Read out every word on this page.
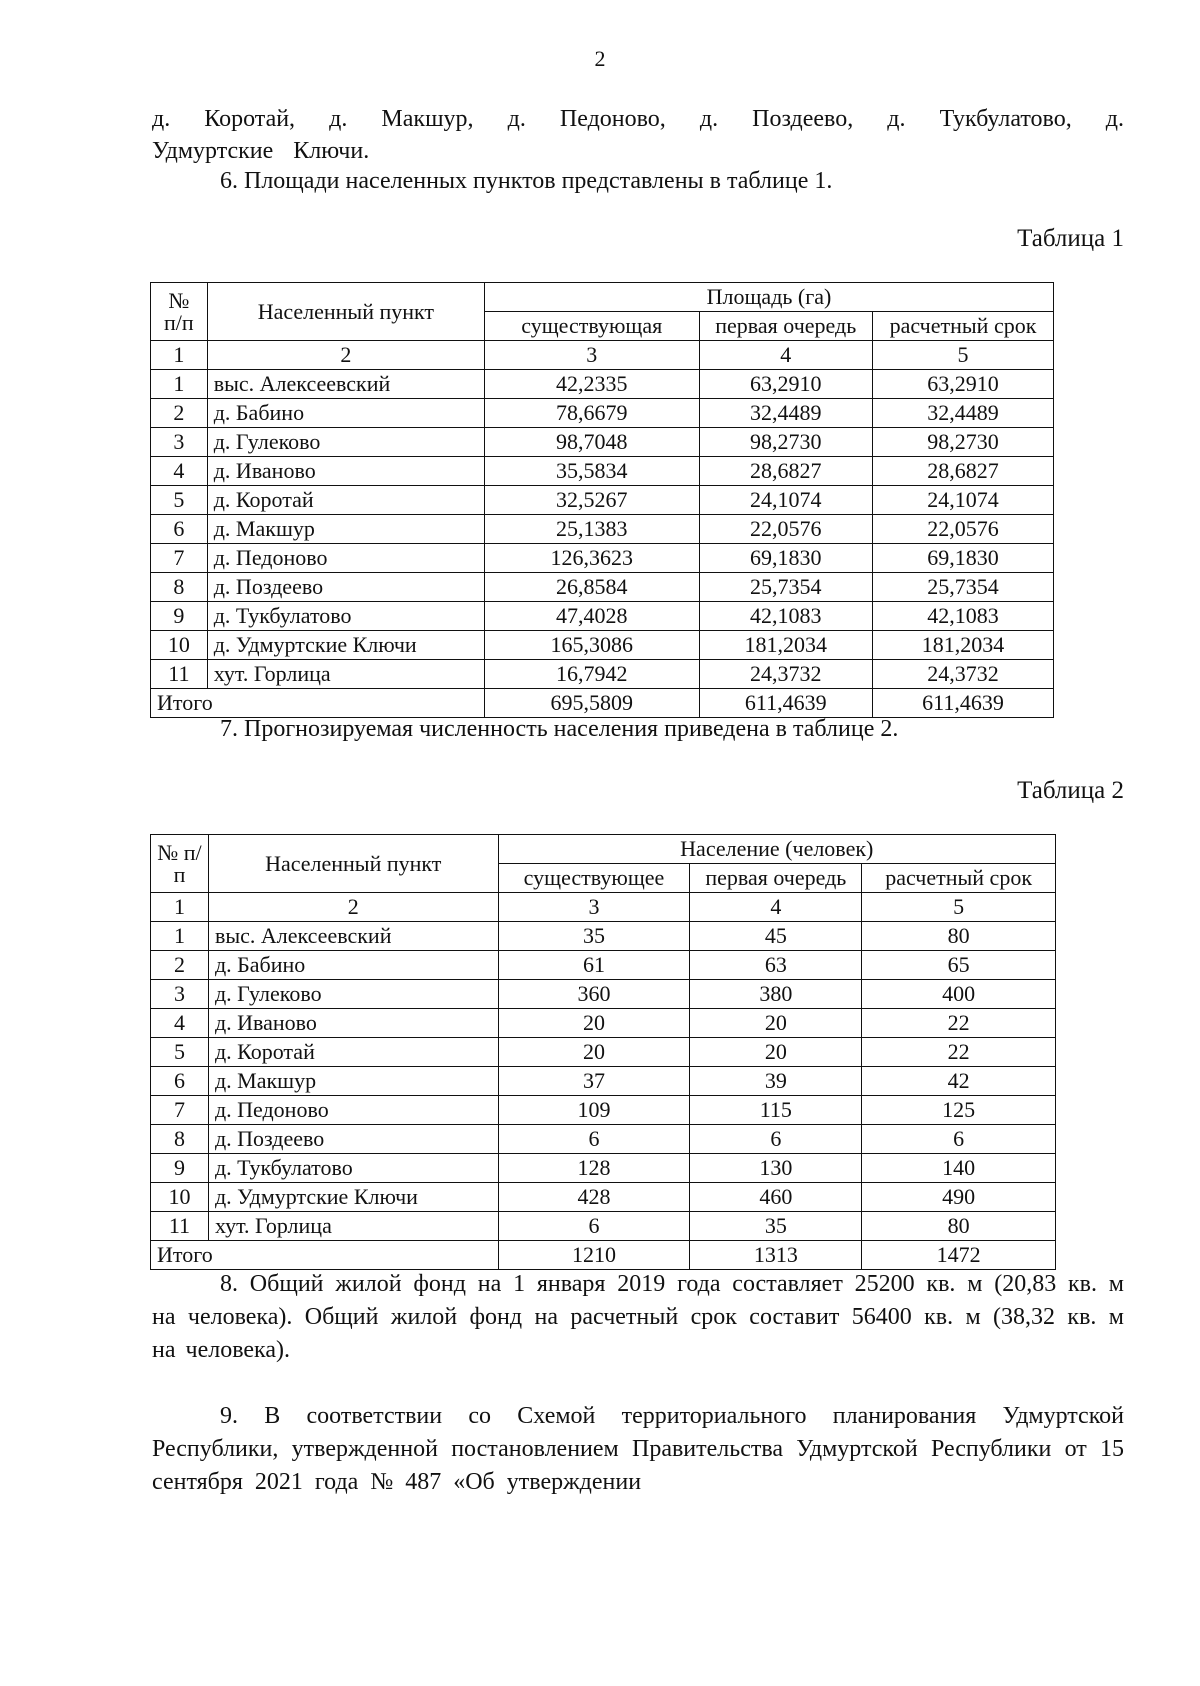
2
д. Коротай, д. Макшур, д. Педоново, д. Поздеево, д. Тукбулатово, д. Удмуртские Ключи.
6. Площади населенных пунктов представлены в таблице 1.
Таблица 1
№ п/п	Населенный пункт	Площадь (га)		
		существующая	первая очередь	расчетный срок
1	2	3	4	5
1	выс. Алексеевский	42,2335	63,2910	63,2910
2	д. Бабино	78,6679	32,4489	32,4489
3	д. Гулеково	98,7048	98,2730	98,2730
4	д. Иваново	35,5834	28,6827	28,6827
5	д. Коротай	32,5267	24,1074	24,1074
6	д. Макшур	25,1383	22,0576	22,0576
7	д. Педоново	126,3623	69,1830	69,1830
8	д. Поздеево	26,8584	25,7354	25,7354
9	д. Тукбулатово	47,4028	42,1083	42,1083
10	д. Удмуртские Ключи	165,3086	181,2034	181,2034
11	хут. Горлица	16,7942	24,3732	24,3732
Итого		695,5809	611,4639	611,4639
7. Прогнозируемая численность населения приведена в таблице 2.
Таблица 2
№ п/п	Населенный пункт	Население (человек)		
		существующее	первая очередь	расчетный срок
1	2	3	4	5
1	выс. Алексеевский	35	45	80
2	д. Бабино	61	63	65
3	д. Гулеково	360	380	400
4	д. Иваново	20	20	22
5	д. Коротай	20	20	22
6	д. Макшур	37	39	42
7	д. Педоново	109	115	125
8	д. Поздеево	6	6	6
9	д. Тукбулатово	128	130	140
10	д. Удмуртские Ключи	428	460	490
11	хут. Горлица	6	35	80
Итого		1210	1313	1472
8. Общий жилой фонд на 1 января 2019 года составляет 25200 кв. м (20,83 кв. м на человека). Общий жилой фонд на расчетный срок составит 56400 кв. м (38,32 кв. м на человека).
9. В соответствии со Схемой территориального планирования Удмуртской Республики, утвержденной постановлением Правительства Удмуртской Республики от 15 сентября 2021 года № 487 «Об утверждении
